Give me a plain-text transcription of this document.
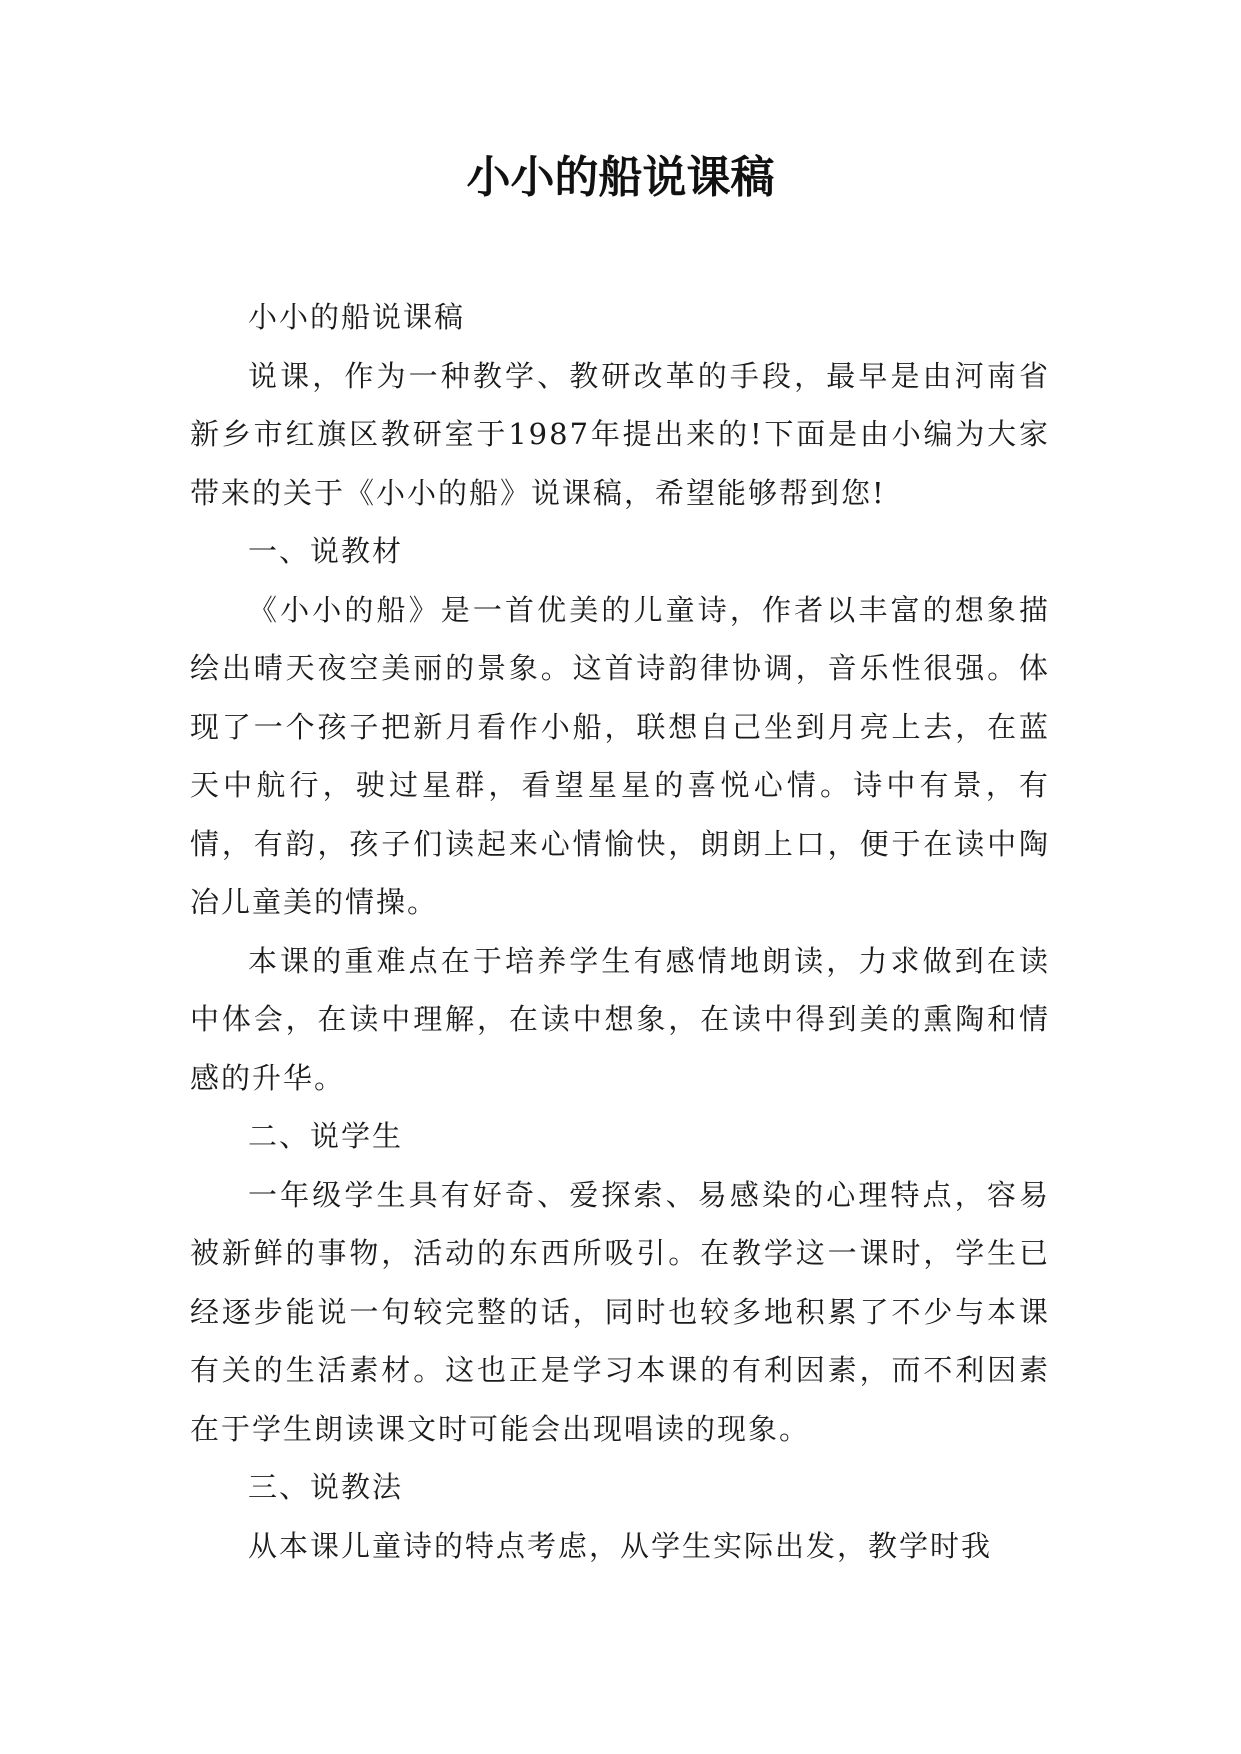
小小的船说课稿

小小的船说课稿

说课，作为一种教学、教研改革的手段，最早是由河南省新乡市红旗区教研室于1987年提出来的!下面是由小编为大家带来的关于《小小的船》说课稿，希望能够帮到您!

一、说教材

《小小的船》是一首优美的儿童诗，作者以丰富的想象描绘出晴天夜空美丽的景象。这首诗韵律协调，音乐性很强。体现了一个孩子把新月看作小船，联想自己坐到月亮上去，在蓝天中航行，驶过星群，看望星星的喜悦心情。诗中有景，有情，有韵，孩子们读起来心情愉快，朗朗上口，便于在读中陶冶儿童美的情操。

本课的重难点在于培养学生有感情地朗读，力求做到在读中体会，在读中理解，在读中想象，在读中得到美的熏陶和情感的升华。

二、说学生

一年级学生具有好奇、爱探索、易感染的心理特点，容易被新鲜的事物，活动的东西所吸引。在教学这一课时，学生已经逐步能说一句较完整的话，同时也较多地积累了不少与本课有关的生活素材。这也正是学习本课的有利因素，而不利因素在于学生朗读课文时可能会出现唱读的现象。

三、说教法

从本课儿童诗的特点考虑，从学生实际出发，教学时我
